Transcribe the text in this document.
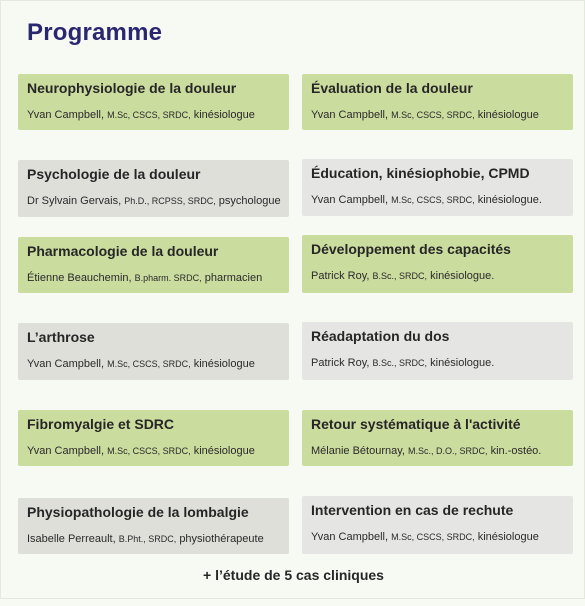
Programme
Neurophysiologie de la douleur
Yvan Campbell, M.Sc, CSCS, SRDC, kinésiologue
Évaluation de la douleur
Yvan Campbell, M.Sc, CSCS, SRDC, kinésiologue
Psychologie de la douleur
Dr Sylvain Gervais, Ph.D., RCPSS, SRDC, psychologue
Éducation, kinésiophobie, CPMD
Yvan Campbell, M.Sc, CSCS, SRDC, kinésiologue.
Pharmacologie de la douleur
Étienne Beauchemin, B.pharm. SRDC, pharmacien
Développement des capacités
Patrick Roy, B.Sc., SRDC, kinésiologue.
L’arthrose
Yvan Campbell, M.Sc, CSCS, SRDC, kinésiologue
Réadaptation du dos
Patrick Roy, B.Sc., SRDC, kinésiologue.
Fibromyalgie et SDRC
Yvan Campbell, M.Sc, CSCS, SRDC, kinésiologue
Retour systématique à l'activité
Mélanie Bétournay, M.Sc., D.O., SRDC, kin.-ostéo.
Physiopathologie de la lombalgie
Isabelle Perreault, B.Pht., SRDC, physiothérapeute
Intervention en cas de rechute
Yvan Campbell, M.Sc, CSCS, SRDC, kinésiologue
+ l’étude de 5 cas cliniques
